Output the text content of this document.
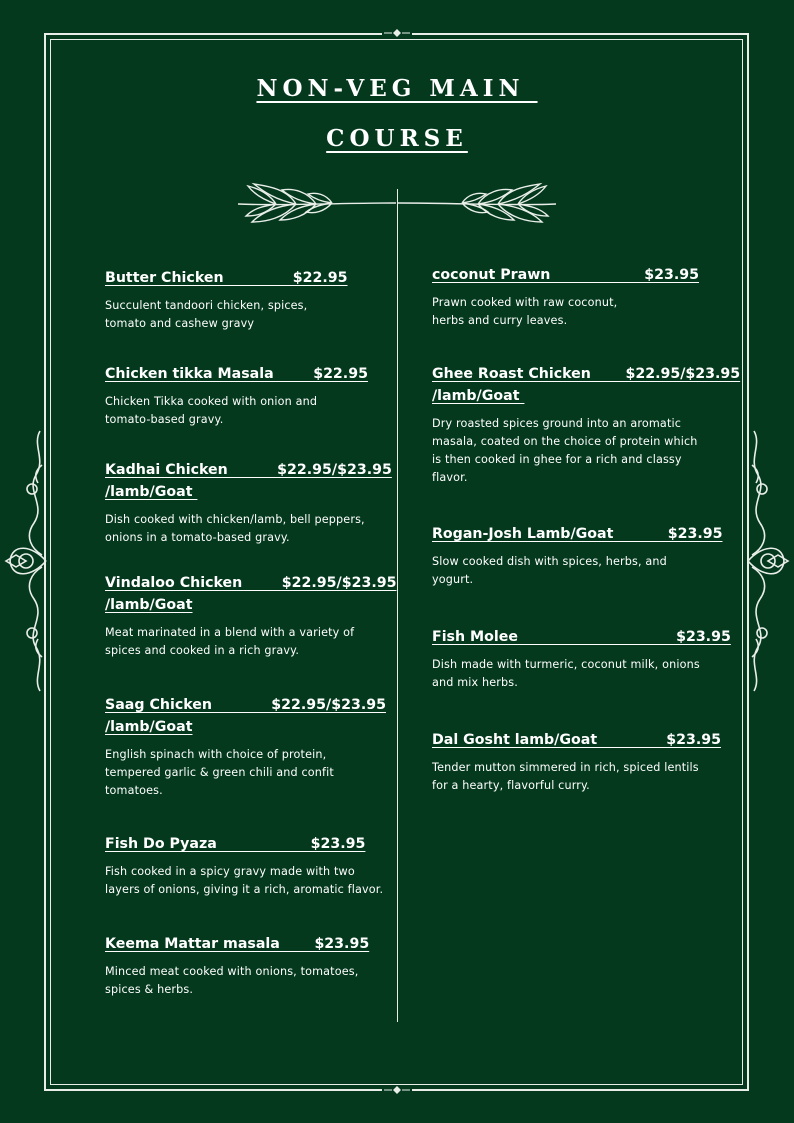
NON-VEG MAIN
COURSE
Butter Chicken              $22.95
Succulent tandoori chicken, spices,
tomato and cashew gravy
Chicken tikka Masala        $22.95
Chicken Tikka cooked with onion and
tomato-based gravy.
Kadhai Chicken          $22.95/$23.95
/lamb/Goat
Dish cooked with chicken/lamb, bell peppers,
onions in a tomato-based gravy.
Vindaloo Chicken        $22.95/$23.95
/lamb/Goat
Meat marinated in a blend with a variety of
spices and cooked in a rich gravy.
Saag Chicken            $22.95/$23.95
/lamb/Goat
English spinach with choice of protein,
tempered garlic & green chili and confit
tomatoes.
Fish Do Pyaza                   $23.95
Fish cooked in a spicy gravy made with two
layers of onions, giving it a rich, aromatic flavor.
Keema Mattar masala       $23.95
Minced meat cooked with onions, tomatoes,
spices & herbs.
coconut Prawn                   $23.95
Prawn cooked with raw coconut,
herbs and curry leaves.
Ghee Roast Chicken       $22.95/$23.95
/lamb/Goat
Dry roasted spices ground into an aromatic
masala, coated on the choice of protein which
is then cooked in ghee for a rich and classy
flavor.
Rogan-Josh Lamb/Goat           $23.95
Slow cooked dish with spices, herbs, and
yogurt.
Fish Molee                                $23.95
Dish made with turmeric, coconut milk, onions
and mix herbs.
Dal Gosht lamb/Goat              $23.95
Tender mutton simmered in rich, spiced lentils
for a hearty, flavorful curry.
